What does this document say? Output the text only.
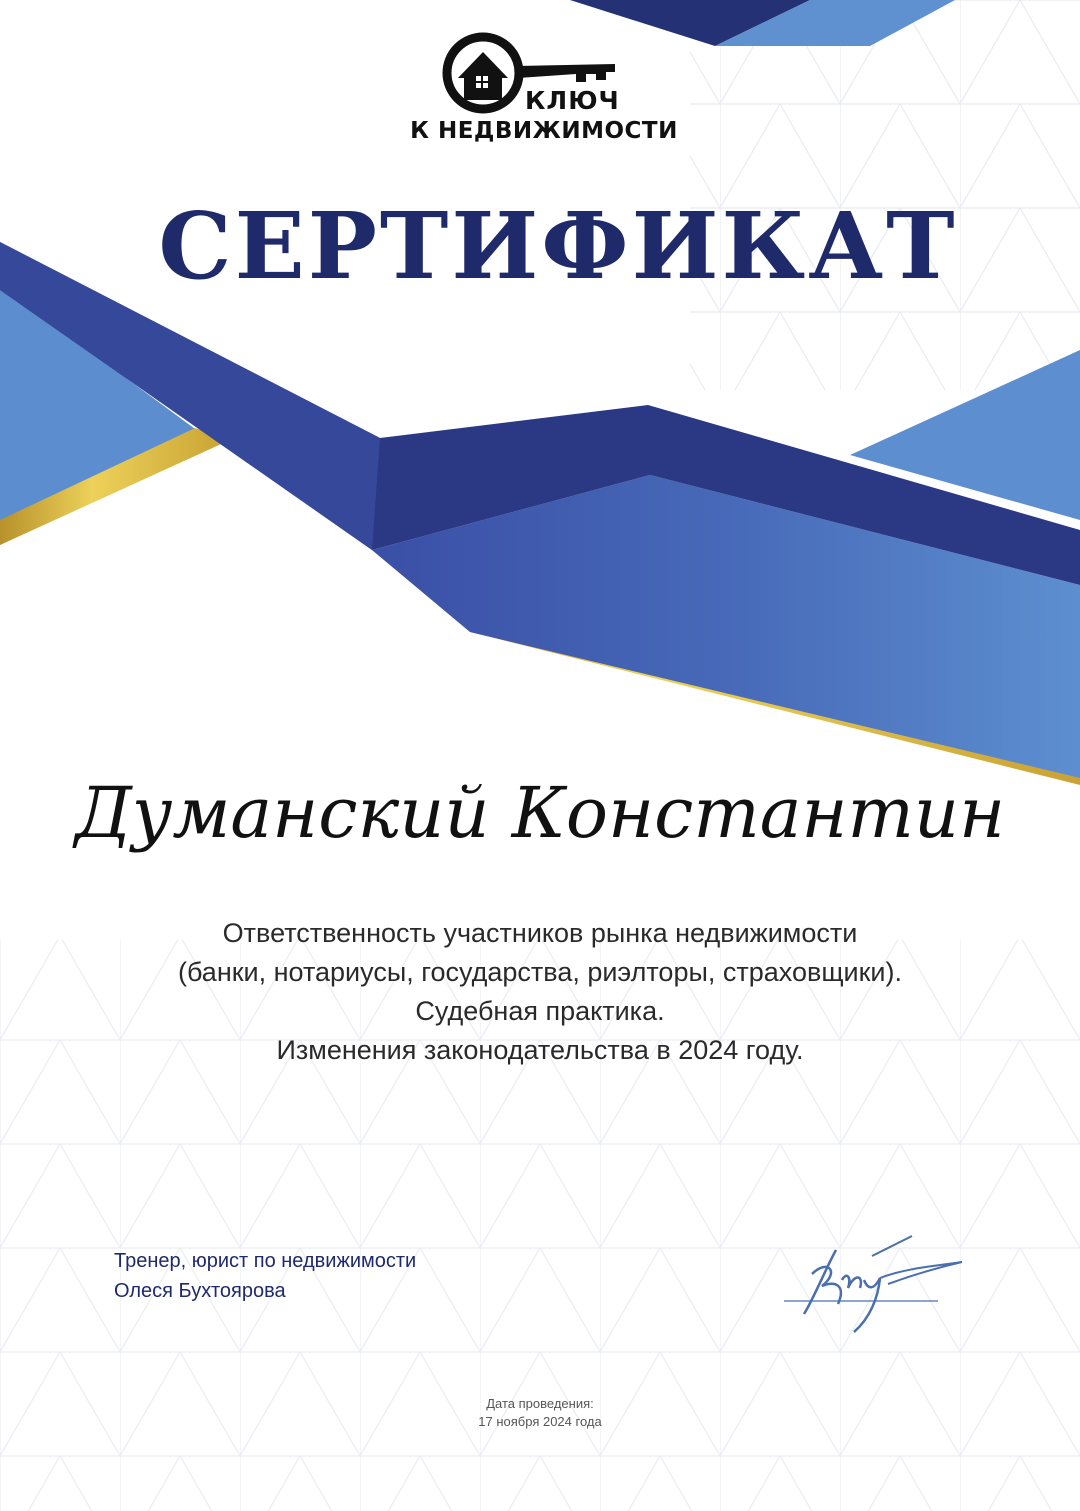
КЛЮЧ
К НЕДВИЖИМОСТИ
СЕРТИФИКАТ
Думанский Константин
Ответственность участников рынка недвижимости
(банки, нотариусы, государства, риэлторы, страховщики).
Судебная практика.
Изменения законодательства в 2024 году.
Тренер, юрист по недвижимости
Олеся Бухтоярова
Дата проведения:
17 ноября 2024 года
